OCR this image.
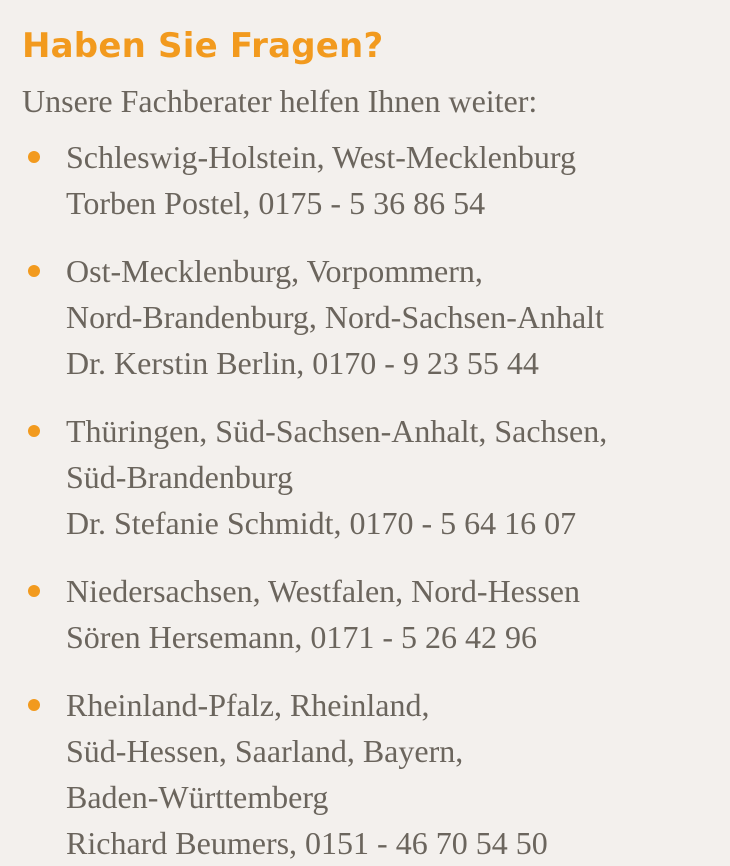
Haben Sie Fragen?

Unsere Fachberater helfen Ihnen weiter:

Schleswig-Holstein, West-Mecklenburg
Torben Postel, 0175 - 5 36 86 54
Ost-Mecklenburg, Vorpommern,
Nord-Brandenburg, Nord-Sachsen-Anhalt
Dr. Kerstin Berlin, 0170 - 9 23 55 44
Thüringen, Süd-Sachsen-Anhalt, Sachsen,
Süd-Brandenburg
Dr. Stefanie Schmidt, 0170 - 5 64 16 07
Niedersachsen, Westfalen, Nord-Hessen
Sören Hersemann, 0171 - 5 26 42 96
Rheinland-Pfalz, Rheinland,
Süd-Hessen, Saarland, Bayern,
Baden-Württemberg
Richard Beumers, 0151 - 46 70 54 50
